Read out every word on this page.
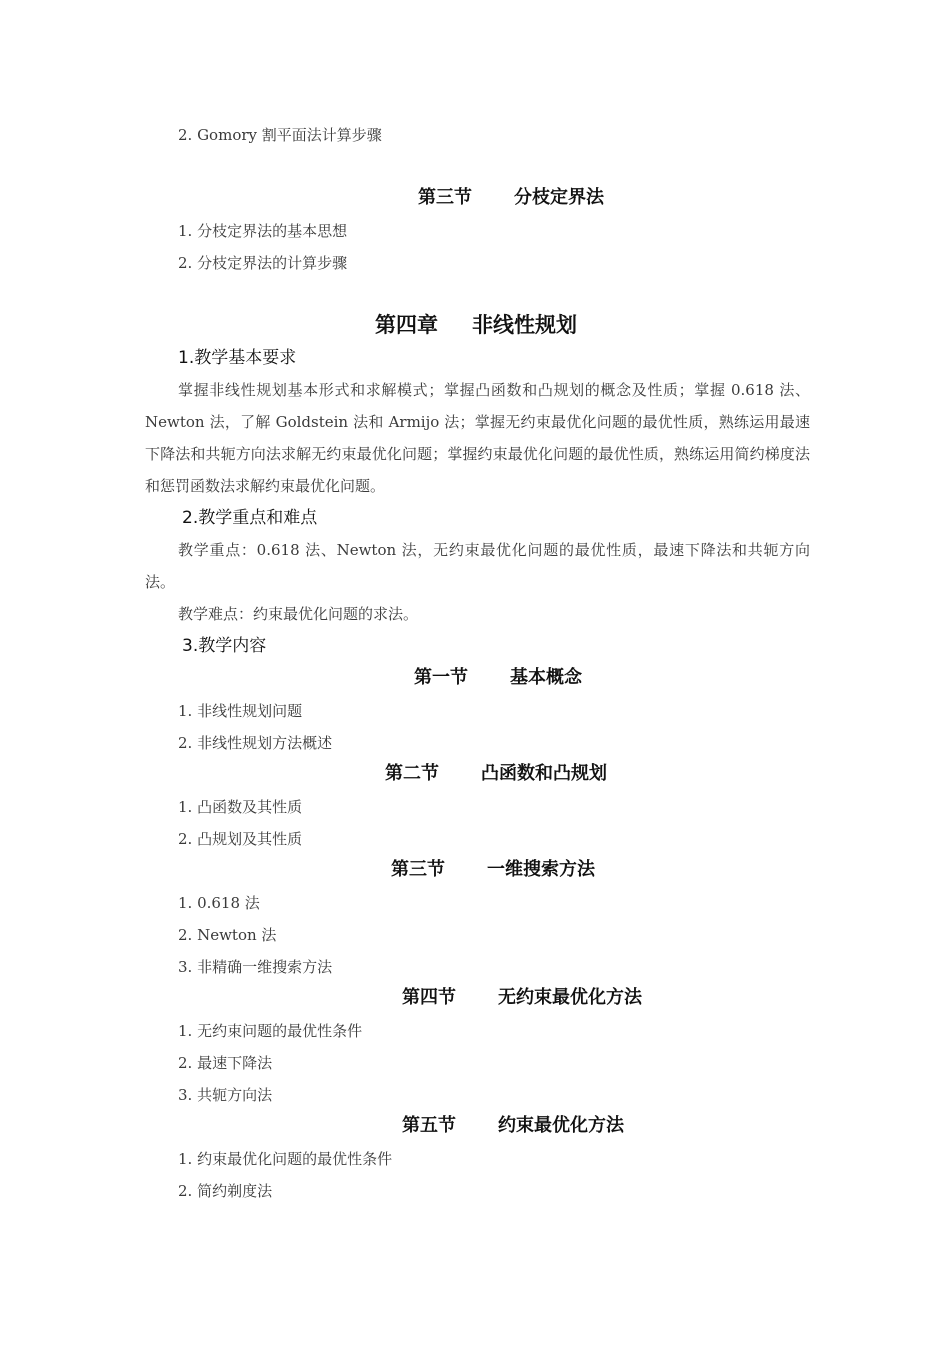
2. Gomory 割平面法计算步骤
第三节 分枝定界法
1. 分枝定界法的基本思想
2. 分枝定界法的计算步骤
第四章 非线性规划
1.教学基本要求
掌握非线性规划基本形式和求解模式；掌握凸函数和凸规划的概念及性质；掌握 0.618 法、Newton 法，了解 Goldstein 法和 Armijo 法；掌握无约束最优化问题的最优性质，熟练运用最速下降法和共轭方向法求解无约束最优化问题；掌握约束最优化问题的最优性质，熟练运用简约梯度法和惩罚函数法求解约束最优化问题。
2.教学重点和难点
教学重点：0.618 法、Newton 法，无约束最优化问题的最优性质，最速下降法和共轭方向法。
教学难点：约束最优化问题的求法。
3.教学内容
第一节 基本概念
1. 非线性规划问题
2. 非线性规划方法概述
第二节 凸函数和凸规划
1. 凸函数及其性质
2. 凸规划及其性质
第三节 一维搜索方法
1. 0.618 法
2. Newton 法
3. 非精确一维搜索方法
第四节 无约束最优化方法
1. 无约束问题的最优性条件
2. 最速下降法
3. 共轭方向法
第五节 约束最优化方法
1. 约束最优化问题的最优性条件
2. 简约剃度法
